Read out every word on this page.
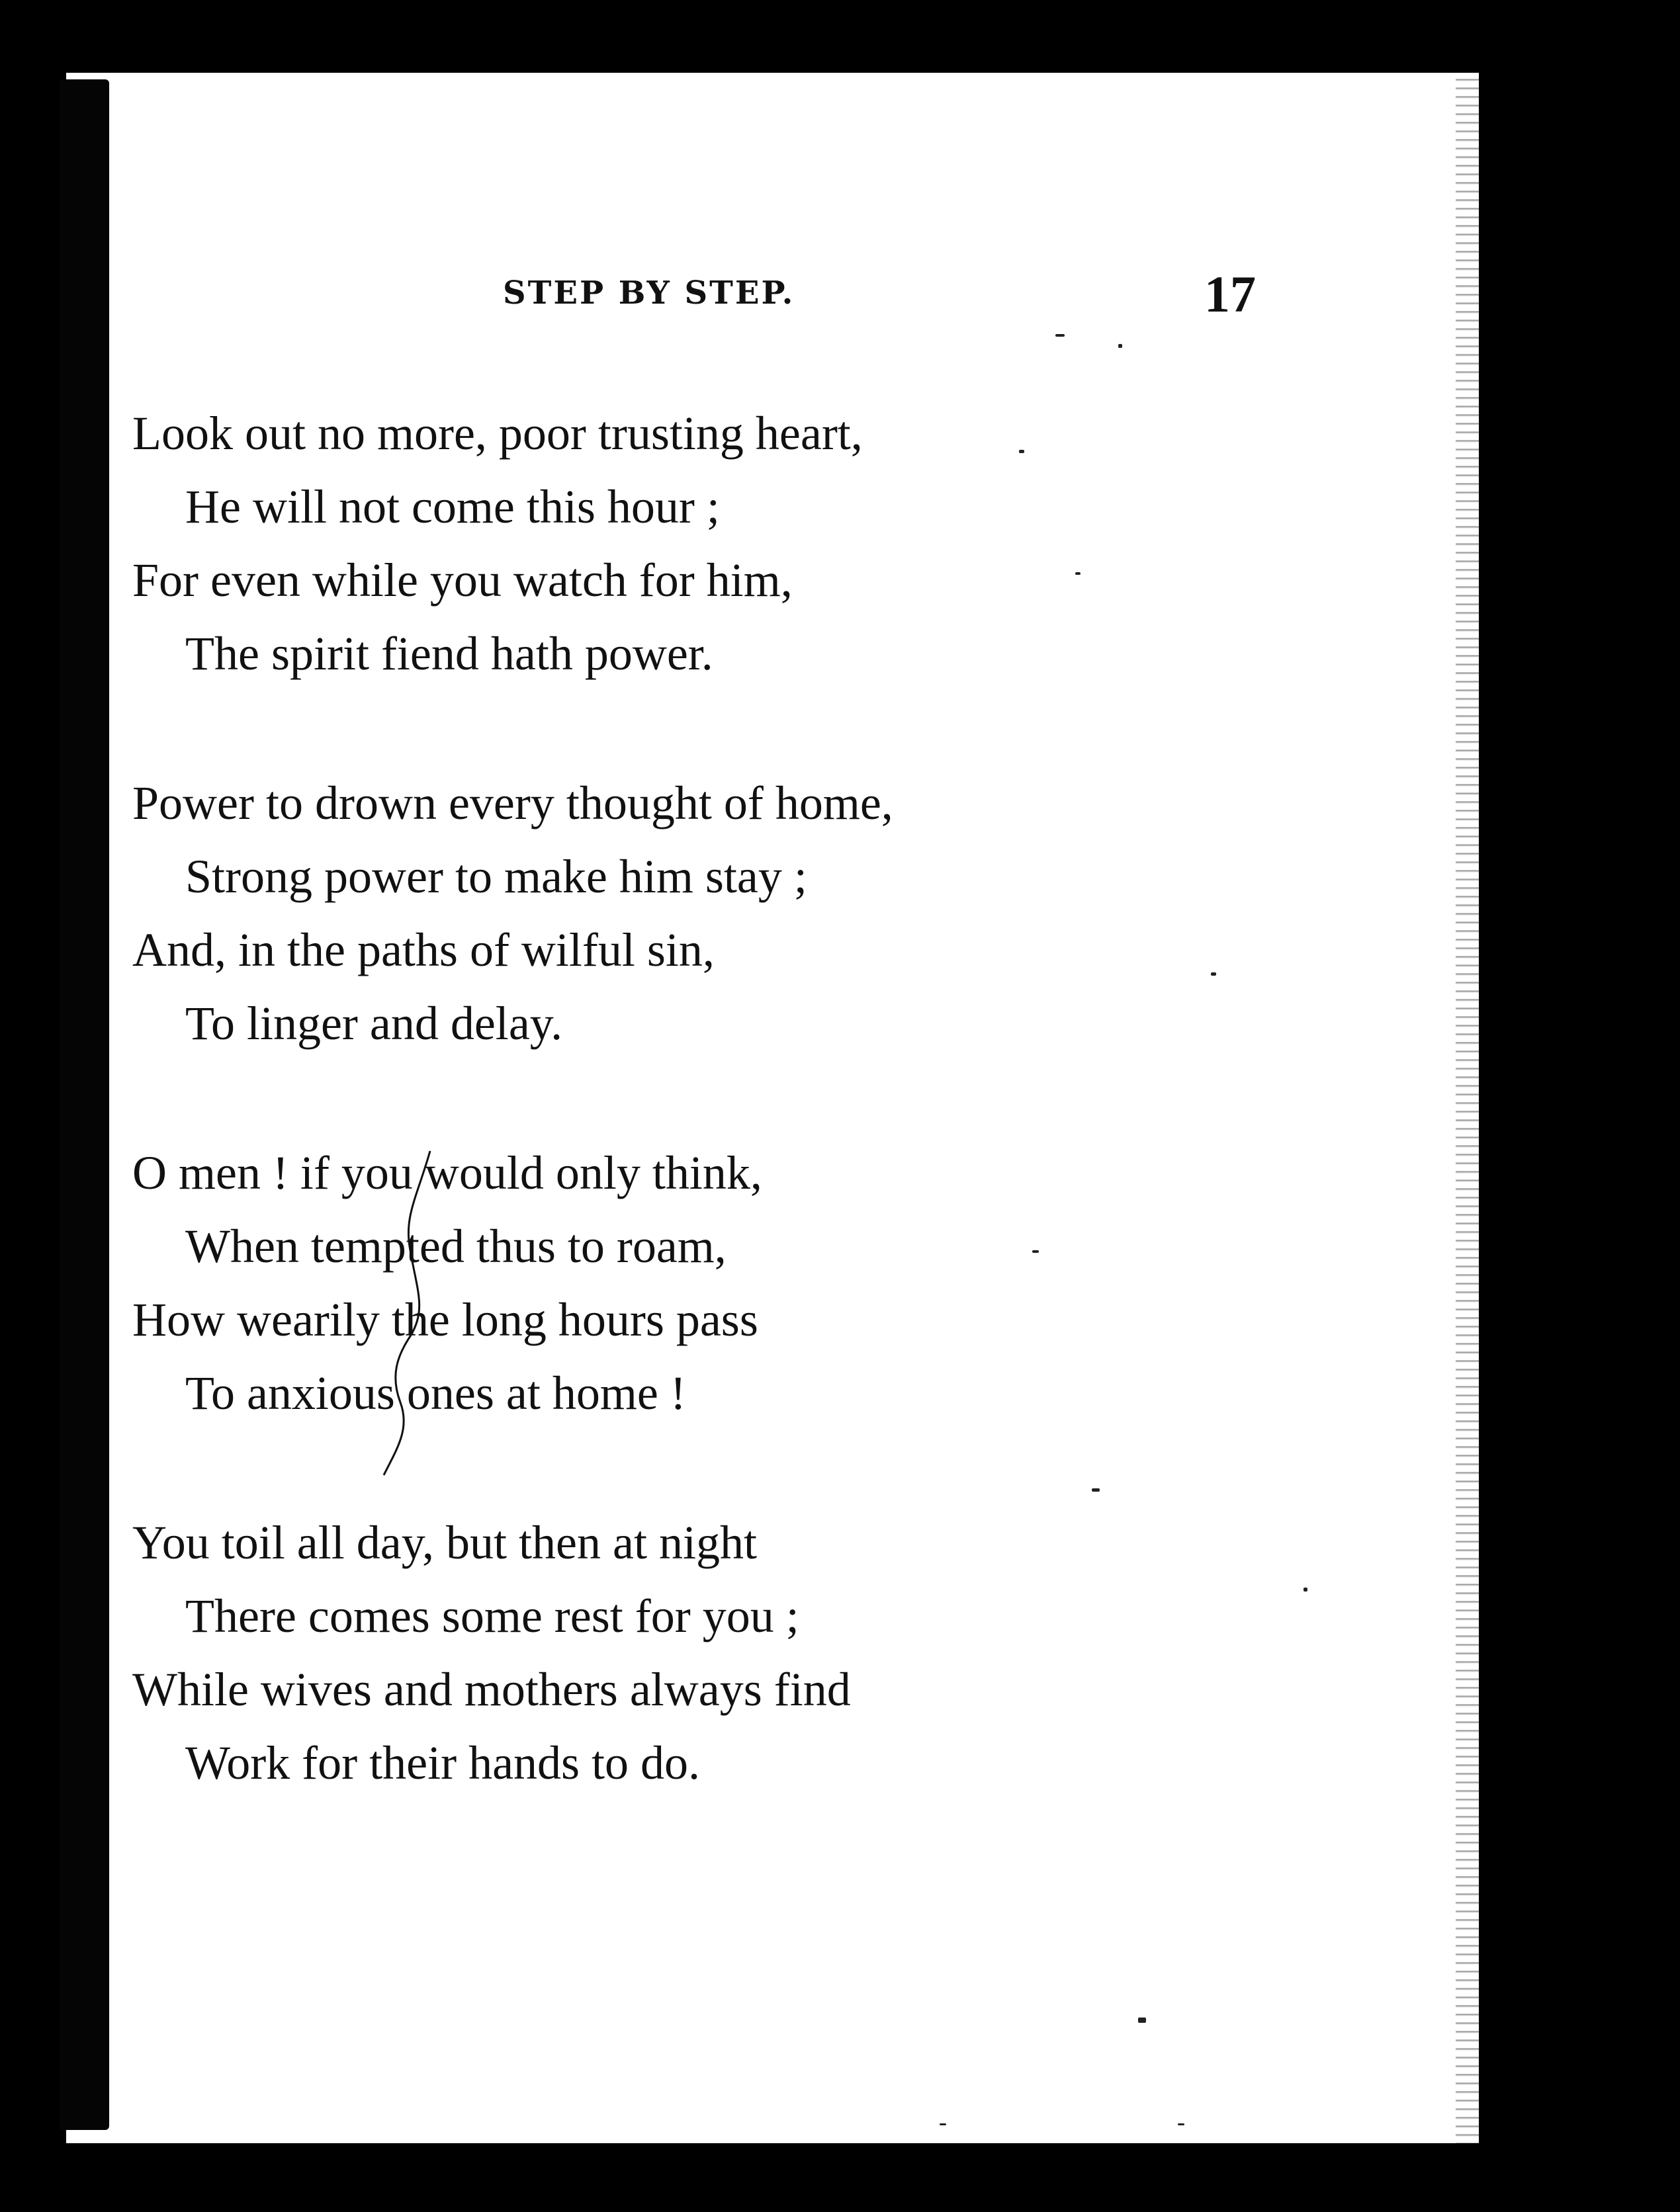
STEP BY STEP.	17
Look out no more, poor trusting heart,
He will not come this hour ;
For even while you watch for him,
The spirit fiend hath power.
Power to drown every thought of home,
Strong power to make him stay ;
And, in the paths of wilful sin,
To linger and delay.
O men ! if you would only think,
When tempted thus to roam,
How wearily the long hours pass
To anxious ones at home !
You toil all day, but then at night
There comes some rest for you ;
While wives and mothers always find
Work for their hands to do.
